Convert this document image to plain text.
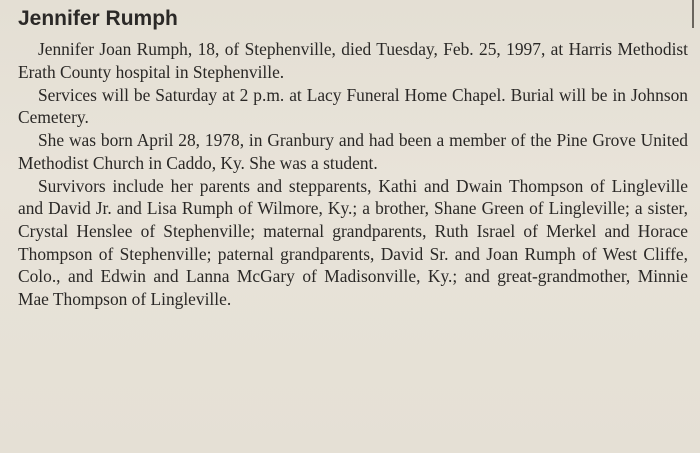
Jennifer Rumph

Jennifer Joan Rumph, 18, of Stephenville, died Tuesday, Feb. 25, 1997, at Harris Methodist Erath County hospital in Stephenville.

Services will be Saturday at 2 p.m. at Lacy Funeral Home Chapel. Burial will be in Johnson Cemetery.

She was born April 28, 1978, in Granbury and had been a member of the Pine Grove United Methodist Church in Caddo, Ky. She was a student.

Survivors include her parents and stepparents, Kathi and Dwain Thompson of Lingleville and David Jr. and Lisa Rumph of Wilmore, Ky.; a brother, Shane Green of Lingleville; a sister, Crystal Henslee of Stephenville; maternal grandparents, Ruth Israel of Merkel and Horace Thompson of Stephenville; paternal grandparents, David Sr. and Joan Rumph of West Cliffe, Colo., and Edwin and Lanna McGary of Madisonville, Ky.; and great-grandmother, Minnie Mae Thompson of Lingleville.
